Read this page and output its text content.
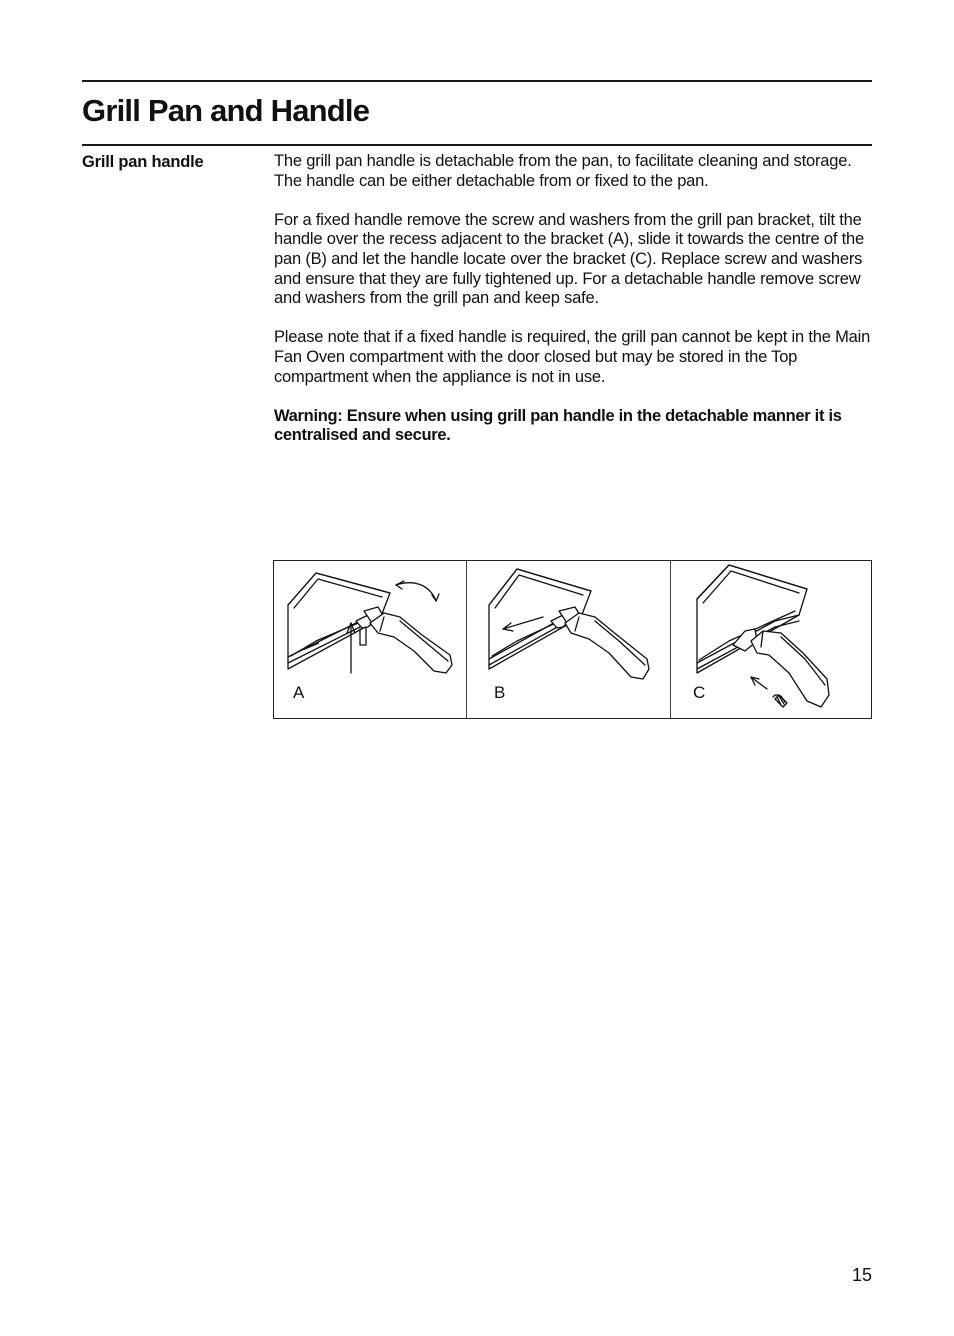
Grill Pan and Handle
Grill pan handle	The grill pan handle is detachable from the pan, to facilitate cleaning and storage.
The handle can be either detachable from or fixed to the pan.

For a fixed handle remove the screw and washers from the grill pan bracket, tilt the handle over the recess adjacent to the bracket (A), slide it towards the centre of the pan (B) and let the handle locate over the bracket (C). Replace screw and washers and ensure that they are fully tightened up. For a detachable handle remove screw and washers from the grill pan and keep safe.

Please note that if a fixed handle is required, the grill pan cannot be kept in the Main Fan Oven compartment with the door closed but may be stored in the Top compartment when the appliance is not in use.

Warning: Ensure when using grill pan handle in the detachable manner it is centralised and secure.

A	B	C
15
